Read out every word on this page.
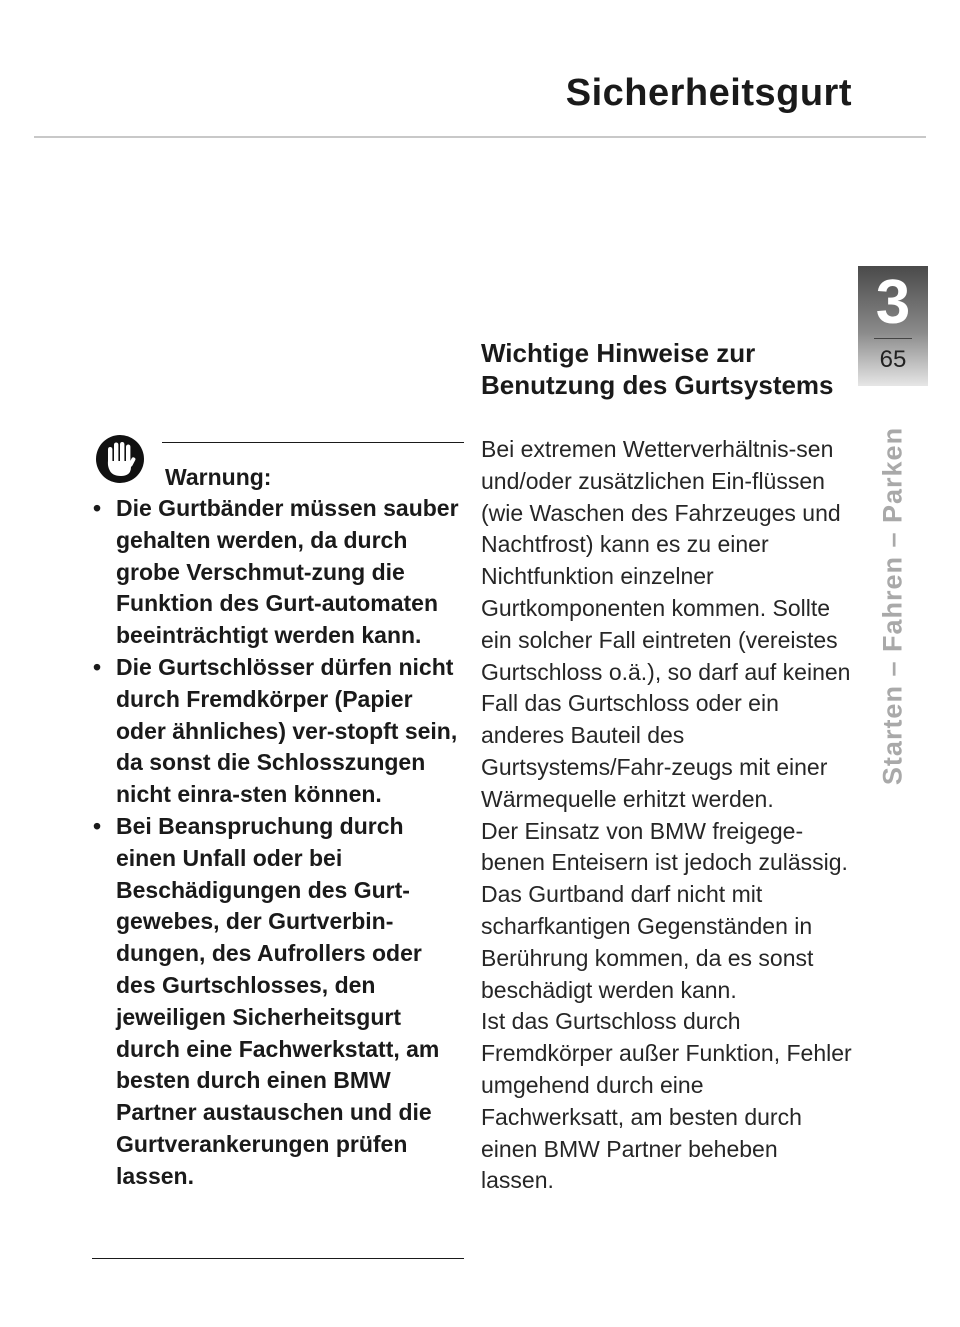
Sicherheitsgurt
3
65
Starten – Fahren – Parken
Warnung:
• Die Gurtbänder müssen sauber gehalten werden, da durch grobe Verschmut-zung die Funktion des Gurt-automaten beeinträchtigt werden kann.
• Die Gurtschlösser dürfen nicht durch Fremdkörper (Papier oder ähnliches) ver-stopft sein, da sonst die Schlosszungen nicht einra-sten können.
• Bei Beanspruchung durch einen Unfall oder bei Beschädigungen des Gurt-gewebes, der Gurtverbin-dungen, des Aufrollers oder des Gurtschlosses, den jeweiligen Sicherheitsgurt durch eine Fachwerkstatt, am besten durch einen BMW Partner austauschen und die Gurtverankerungen prüfen lassen.
Wichtige Hinweise zur Benutzung des Gurtsystems

Bei extremen Wetterverhältnis-sen und/oder zusätzlichen Ein-flüssen (wie Waschen des Fahrzeuges und Nachtfrost) kann es zu einer Nichtfunktion einzelner Gurtkomponenten kommen. Sollte ein solcher Fall eintreten (vereistes Gurtschloss o.ä.), so darf auf keinen Fall das Gurtschloss oder ein anderes Bauteil des Gurtsystems/Fahr-zeugs mit einer Wärmequelle erhitzt werden.

Der Einsatz von BMW freigege-benen Enteisern ist jedoch zulässig.

Das Gurtband darf nicht mit scharfkantigen Gegenständen in Berührung kommen, da es sonst beschädigt werden kann.

Ist das Gurtschloss durch Fremdkörper außer Funktion, Fehler umgehend durch eine Fachwerksatt, am besten durch einen BMW Partner beheben lassen.
